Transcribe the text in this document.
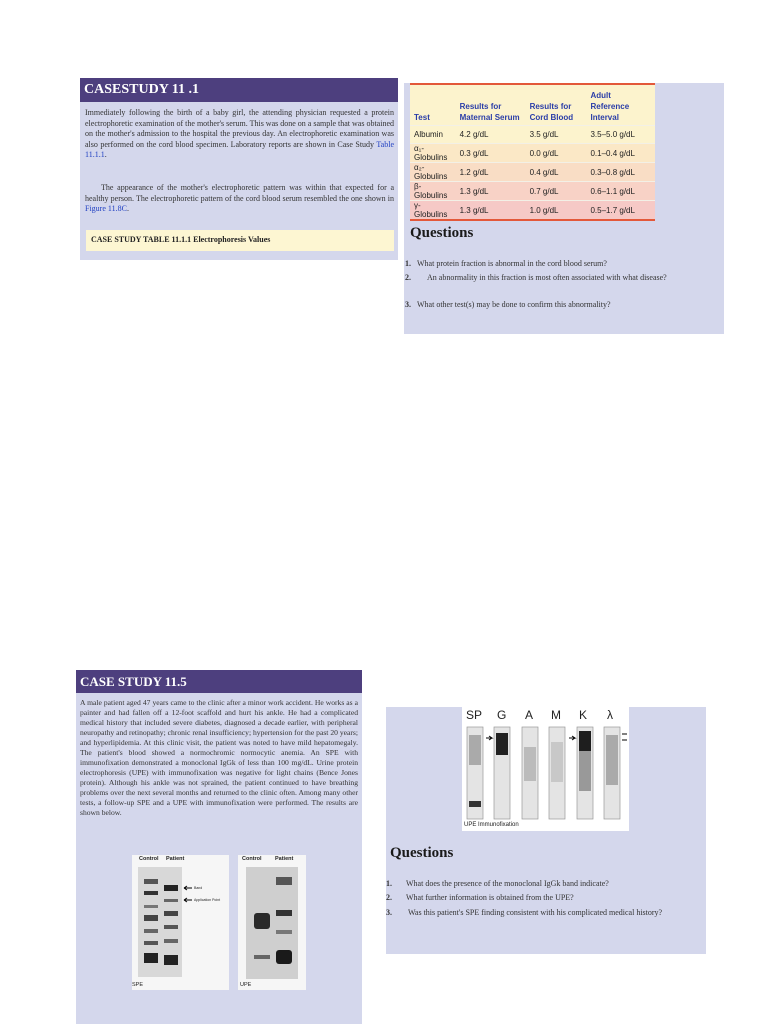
CASESTUDY 11 .1
Immediately following the birth of a baby girl, the attending physician requested a protein electrophoretic examination of the mother's serum. This was done on a sample that was obtained on the mother's admission to the hospital the previous day. An electrophoretic examination was also performed on the cord blood specimen. Laboratory reports are shown in Case Study Table 11.1.1.
The appearance of the mother's electrophoretic pattern was within that expected for a healthy person. The electrophoretic pattern of the cord blood serum resembled the one shown in Figure 11.8C.
CASE STUDY TABLE 11.1.1 Electrophoresis Values
Test	Results for Maternal Serum	Results for Cord Blood	Adult Reference Interval
Albumin	4.2 g/dL	3.5 g/dL	3.5–5.0 g/dL
α₁-Globulins	0.3 g/dL	0.0 g/dL	0.1–0.4 g/dL
α₂-Globulins	1.2 g/dL	0.4 g/dL	0.3–0.8 g/dL
β-Globulins	1.3 g/dL	0.7 g/dL	0.6–1.1 g/dL
γ-Globulins	1.3 g/dL	1.0 g/dL	0.5–1.7 g/dL
Questions
1. What protein fraction is abnormal in the cord blood serum?
2.	An abnormality in this fraction is most often associated with what disease?
3. What other test(s) may be done to confirm this abnormality?
CASE STUDY 11.5
A male patient aged 47 years came to the clinic after a minor work accident. He works as a painter and had fallen off a 12-foot scaffold and hurt his ankle. He had a complicated medical history that included severe diabetes, diagnosed a decade earlier, with peripheral neuropathy and retinopathy; chronic renal insufficiency; hypertension for the past 20 years; and hyperlipidemia. At this clinic visit, the patient was noted to have mild hepatomegaly. The patient's blood showed a normochromic normocytic anemia. An SPE with immunofixation demonstrated a monoclonal IgGk of less than 100 mg/dL. Urine protein electrophoresis (UPE) with immunofixation was negative for light chains (Bence Jones protein). Although his ankle was not sprained, the patient continued to have breathing problems over the next several months and returned to the clinic often. Among many other tests, a follow-up SPE and a UPE with immunofixation were performed. The results are shown below.
Control Patient
Band
Application Point
SPE
Control Patient
UPE
SP G A M K λ
UPE Immunofixation
Questions
1.	What does the presence of the monoclonal IgGk band indicate?
2.	What further information is obtained from the UPE?
3.	Was this patient's SPE finding consistent with his complicated medical history?
